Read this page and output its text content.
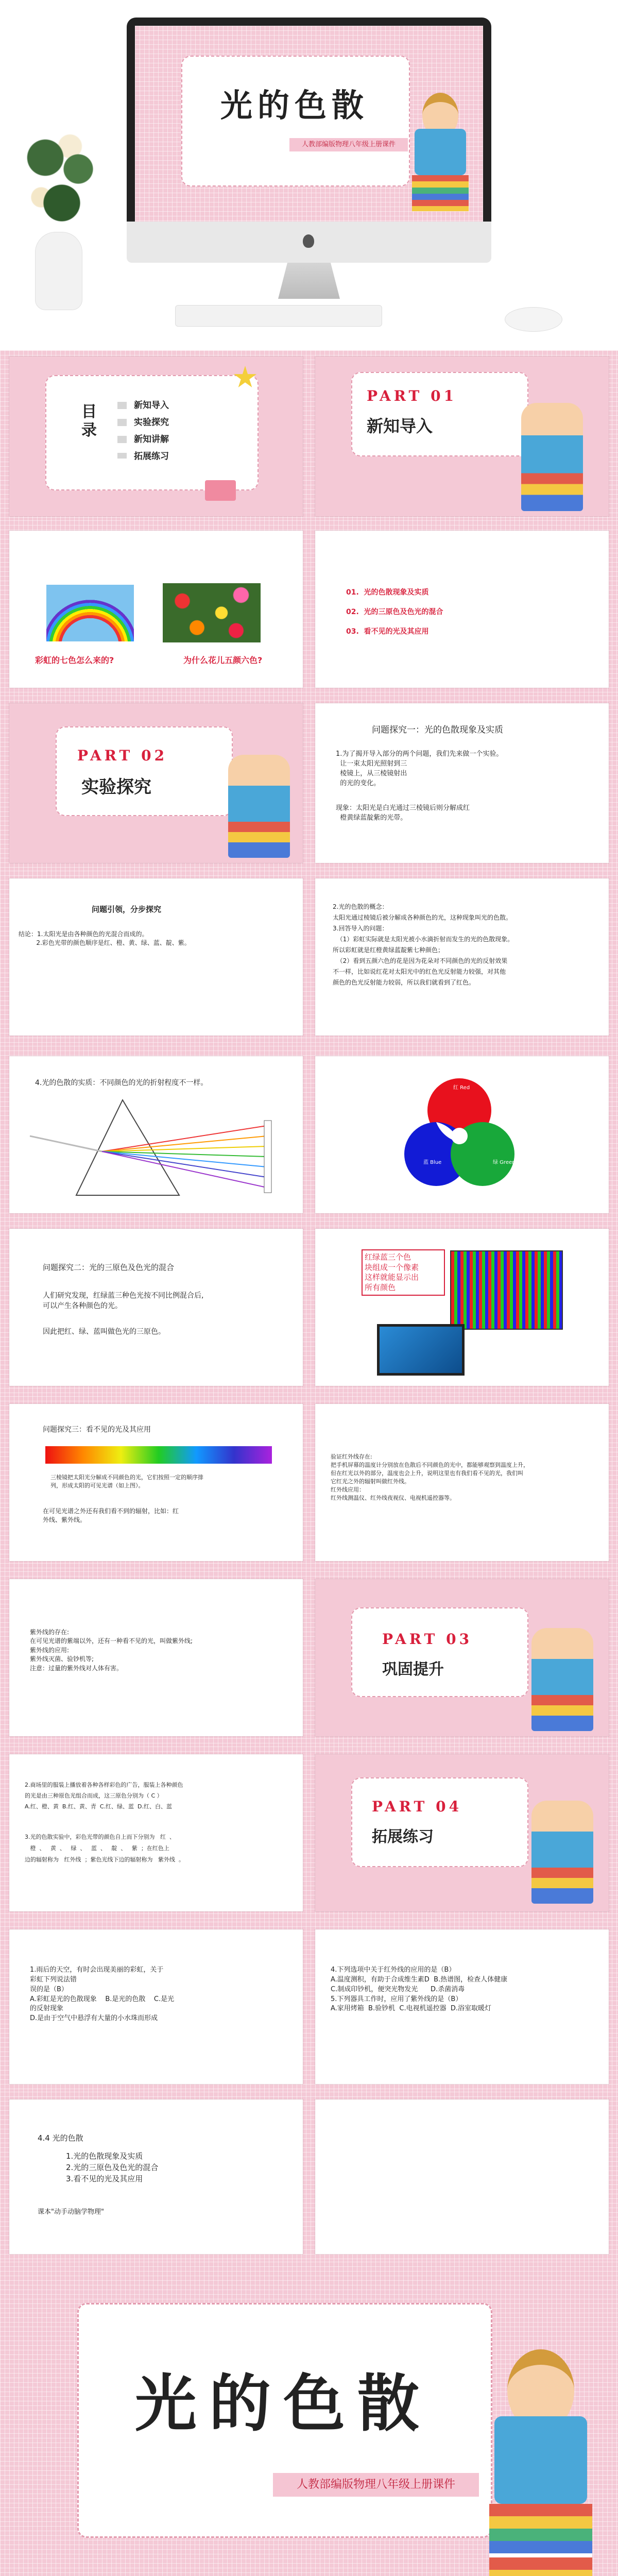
光的色散
人教部编版物理八年级上册课件
目录
新知导入
实验探究
新知讲解
拓展练习
PART 01
新知导入
彩虹的七色怎么来的?	为什么花儿五颜六色?
01.  光的色散现象及实质
02.  光的三原色及色光的混合
03.  看不见的光及其应用
PART 02
实验探究
问题探究一：光的色散现象及实质
1.为了揭开导入部分的两个问题，我们先来做一个实验。
让一束太阳光照射到三
棱镜上，从三棱镜射出
的光的变化。
现象：太阳光是白光通过三棱镜后则分解成红
橙黄绿蓝靛紫的光带。
问题引领，分步探究
结论：1.太阳光是由各种颜色的光混合而成的。
2.彩色光带的颜色顺序是红、橙、黄、绿、蓝、靛、紫。
2.光的色散的概念：
太阳光通过棱镜后被分解成各种颜色的光，这种现象叫光的色散。
3.回答导入的问题：
（1）彩虹实际就是太阳光被小水滴折射而发生的光的色散现象。
所以彩虹就是红橙黄绿蓝靛紫七种颜色；
（2）看到五颜六色的花是因为花朵对不同颜色的光的反射效果
不一样，比如说红花对太阳光中的红色光反射能力较强，对其他
颜色的色光反射能力较弱，所以我们就看到了红色。
4.光的色散的实质：不同颜色的光的折射程度不一样。
红 Red
绿 Green
蓝 Blue
问题探究二：光的三原色及色光的混合
人们研究发现，红绿蓝三种色光按不同比例混合后,
可以产生各种颜色的光。
因此把红、绿、蓝叫做色光的三原色。
红绿蓝三个色
块组成一个像素
这样就能显示出
所有颜色
问题探究三：看不见的光及其应用
三棱镜把太阳光分解成不同颜色的光，它们按照一定的顺序排
列，形成太阳的可见光谱（如上图）。
在可见光谱之外还有我们看不到的辐射，比如：红
外线、紫外线。
验证红外线存在:
把手机屏幕的温度计分别放在色散后不同颜色的光中，都能够观察到温度上升，
但在红光以外的部分，温度也会上升，说明这里也有我们看不见的光，我们叫
它红光之外的辐射叫做红外线。
红外线应用：
红外线测温仪、红外线夜视仪、电视机遥控器等。
紫外线的存在:
在可见光谱的紫端以外，还有一种看不见的光，叫做紫外线;
紫外线的应用:
紫外线灭菌、验钞机等;
注意：过量的紫外线对人体有害。
PART 03
巩固提升
2.商场里的服装上播放着各种各样彩色的广告，服装上各种颜色
的光是由三种原色光组合而成，这三原色分别为（ C ）
A.红、橙、黄  B.红、黄、青  C.红、绿、蓝  D.红、白、蓝
3.光的色散实验中，彩色光带的颜色自上而下分别为   红  、
橙  、   黄  、   绿  、   蓝  、   靛  、   紫  ；在红色上
边的辐射称为   红外线  ；紫色光线下边的辐射称为   紫外线  。
PART 04
拓展练习
1.雨后的天空，有时会出现美丽的彩虹，关于
彩虹下列说法错
误的是（B）
A.彩虹是光的色散现象    B.是光的色散    C.是光
的反射现象
D.是由于空气中悬浮有大量的小水珠而形成
4.下列选项中关于红外线的应用的是（B）
A.温度测积，有助于合成维生素D  B.热谱图，检查人体健康
C.制成印钞机，便突光物发光      D.杀菌消毒
5.下列器具工作时，应用了紫外线的是（B）
A.家用烤箱  B.验钞机  C.电视机遥控器  D.浴室取暖灯
4.4 光的色散
1.光的色散现象及实质
2.光的三原色及色光的混合
3.看不见的光及其应用
课本"动手动脑学物理"
光的色散
人教部编版物理八年级上册课件
